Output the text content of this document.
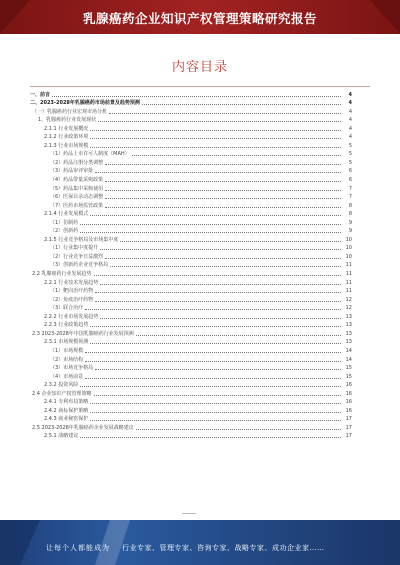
乳腺癌药企业知识产权管理策略研究报告
内容目录
一、前言	4
二、2023-2028年乳腺癌药市场前景及趋势预测	4
（一）乳腺癌药行业宏观市场分析	4
1、乳腺癌药行业发展现状	4
2.1.1 行业发展概况	4
2.1.2 行业政策环境	4
2.1.3 行业市场规模	5
（1）药品上市许可人制度（MAH）	5
（2）药品注册分类调整	5
（3）药品审评审批	6
（4）药品带量采购政策	6
（5）药品集中采购使用	7
（6）医保目录动态调整	7
（7）医药市场监管政策	8
2.1.4 行业发展模式	8
（1）仿制药	9
（2）创新药	9
2.1.5 行业竞争格局及市场集中度	10
（1）行业集中度提升	10
（2）行业竞争日益激烈	10
（3）创新药企业竞争格局	11
2.2 乳腺癌药行业发展趋势	11
2.2.1 行业技术发展趋势	11
（1）靶向治疗药物	11
（2）免疫治疗药物	12
（3）联合治疗	12
2.2.2 行业市场发展趋势	13
2.2.3 行业政策趋势	13
2.3 2023-2028年中国乳腺癌药行业发展预测	13
2.3.1 市场规模预测	13
（1）市场规模	14
（2）市场结构	14
（3）市场竞争格局	15
（4）市场前景	15
2.3.2 投资风险	16
2.4 企业知识产权管理策略	16
2.4.1 专利布局策略	16
2.4.2 商标保护策略	16
2.4.3 商业秘密保护	17
2.5 2023-2028年乳腺癌药企业发展战略建议	17
2.5.1 战略建议	17
让每个人都能成为 行业专家、管理专家、咨询专家、战略专家、成功企业家……
